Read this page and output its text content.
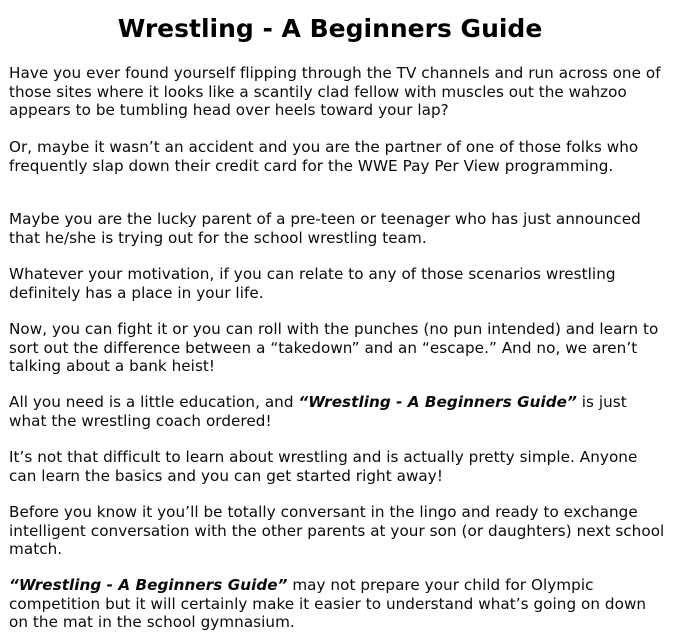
Wrestling - A Beginners Guide

Have you ever found yourself flipping through the TV channels and run across one of those sites where it looks like a scantily clad fellow with muscles out the wahzoo appears to be tumbling head over heels toward your lap?

Or, maybe it wasn’t an accident and you are the partner of one of those folks who frequently slap down their credit card for the WWE Pay Per View programming.

Maybe you are the lucky parent of a pre-teen or teenager who has just announced that he/she is trying out for the school wrestling team.

Whatever your motivation, if you can relate to any of those scenarios wrestling definitely has a place in your life.

Now, you can fight it or you can roll with the punches (no pun intended) and learn to sort out the difference between a “takedown” and an “escape.” And no, we aren’t talking about a bank heist!

All you need is a little education, and “Wrestling - A Beginners Guide” is just what the wrestling coach ordered!

It’s not that difficult to learn about wrestling and is actually pretty simple. Anyone can learn the basics and you can get started right away!

Before you know it you’ll be totally conversant in the lingo and ready to exchange intelligent conversation with the other parents at your son (or daughters) next school match.

“Wrestling - A Beginners Guide” may not prepare your child for Olympic competition but it will certainly make it easier to understand what’s going on down on the mat in the school gymnasium.
